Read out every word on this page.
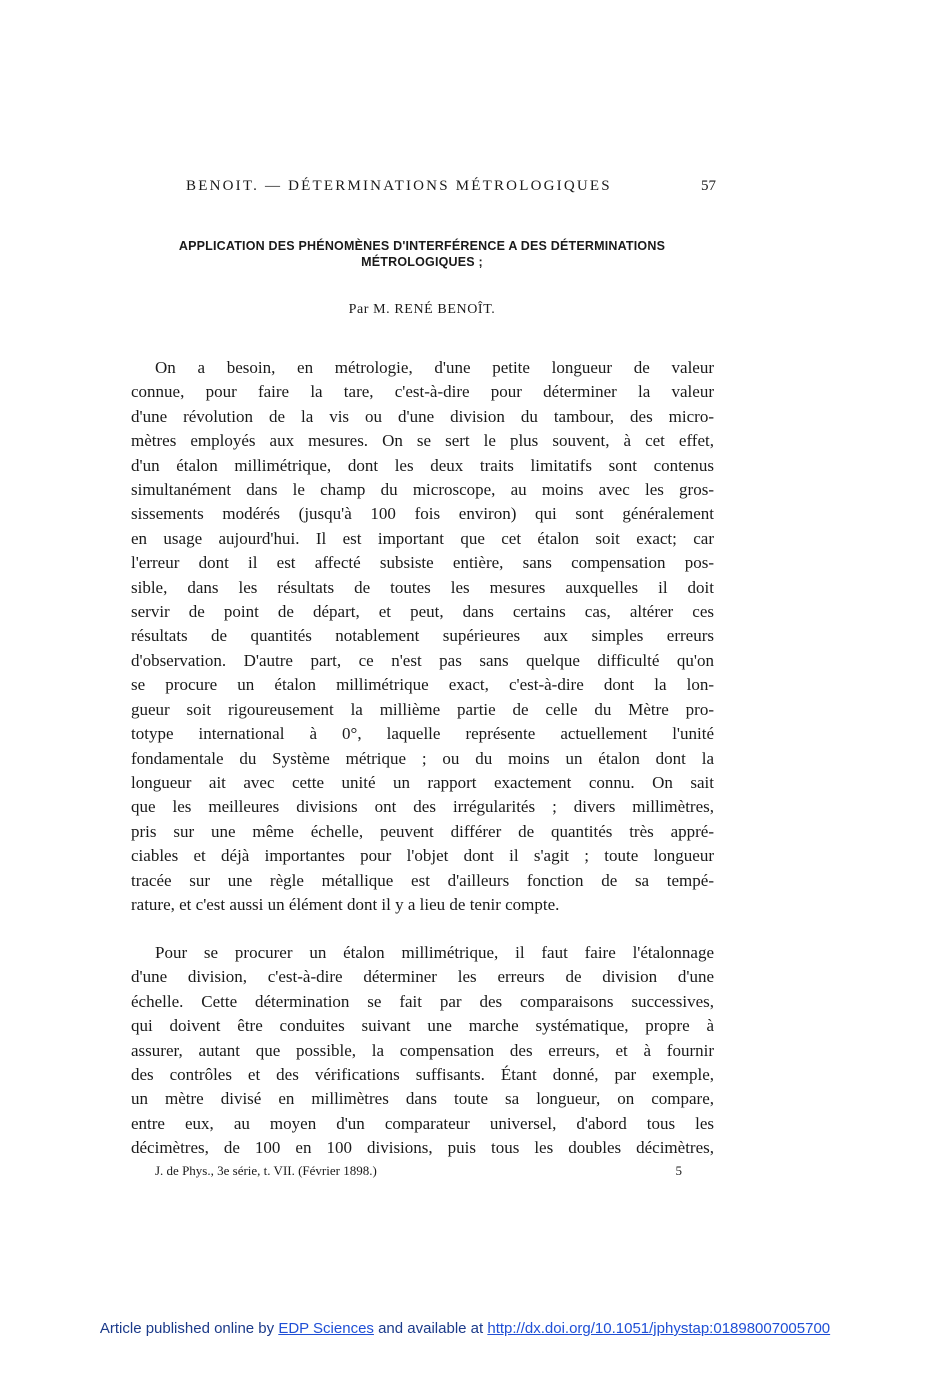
BENOIT. — DÉTERMINATIONS MÉTROLOGIQUES	57
APPLICATION DES PHÉNOMÈNES D'INTERFÉRENCE A DES DÉTERMINATIONS
MÉTROLOGIQUES ;
Par M. RENÉ BENOÎT.
On a besoin, en métrologie, d'une petite longueur de valeur
connue, pour faire la tare, c'est-à-dire pour déterminer la valeur
d'une révolution de la vis ou d'une division du tambour, des micro-
mètres employés aux mesures. On se sert le plus souvent, à cet effet,
d'un étalon millimétrique, dont les deux traits limitatifs sont contenus
simultanément dans le champ du microscope, au moins avec les gros-
sissements modérés (jusqu'à 100 fois environ) qui sont généralement
en usage aujourd'hui. Il est important que cet étalon soit exact; car
l'erreur dont il est affecté subsiste entière, sans compensation pos-
sible, dans les résultats de toutes les mesures auxquelles il doit
servir de point de départ, et peut, dans certains cas, altérer ces
résultats de quantités notablement supérieures aux simples erreurs
d'observation. D'autre part, ce n'est pas sans quelque difficulté qu'on
se procure un étalon millimétrique exact, c'est-à-dire dont la lon-
gueur soit rigoureusement la millième partie de celle du Mètre pro-
totype international à 0°, laquelle représente actuellement l'unité
fondamentale du Système métrique ; ou du moins un étalon dont la
longueur ait avec cette unité un rapport exactement connu. On sait
que les meilleures divisions ont des irrégularités ; divers millimètres,
pris sur une même échelle, peuvent différer de quantités très appré-
ciables et déjà importantes pour l'objet dont il s'agit ; toute longueur
tracée sur une règle métallique est d'ailleurs fonction de sa tempé-
rature, et c'est aussi un élément dont il y a lieu de tenir compte.
Pour se procurer un étalon millimétrique, il faut faire l'étalonnage
d'une division, c'est-à-dire déterminer les erreurs de division d'une
échelle. Cette détermination se fait par des comparaisons successives,
qui doivent être conduites suivant une marche systématique, propre à
assurer, autant que possible, la compensation des erreurs, et à fournir
des contrôles et des vérifications suffisants. Étant donné, par exemple,
un mètre divisé en millimètres dans toute sa longueur, on compare,
entre eux, au moyen d'un comparateur universel, d'abord tous les
décimètres, de 100 en 100 divisions, puis tous les doubles décimètres,
J. de Phys., 3e série, t. VII. (Février 1898.)	5
Article published online by EDP Sciences and available at http://dx.doi.org/10.1051/jphystap:01898007005700
